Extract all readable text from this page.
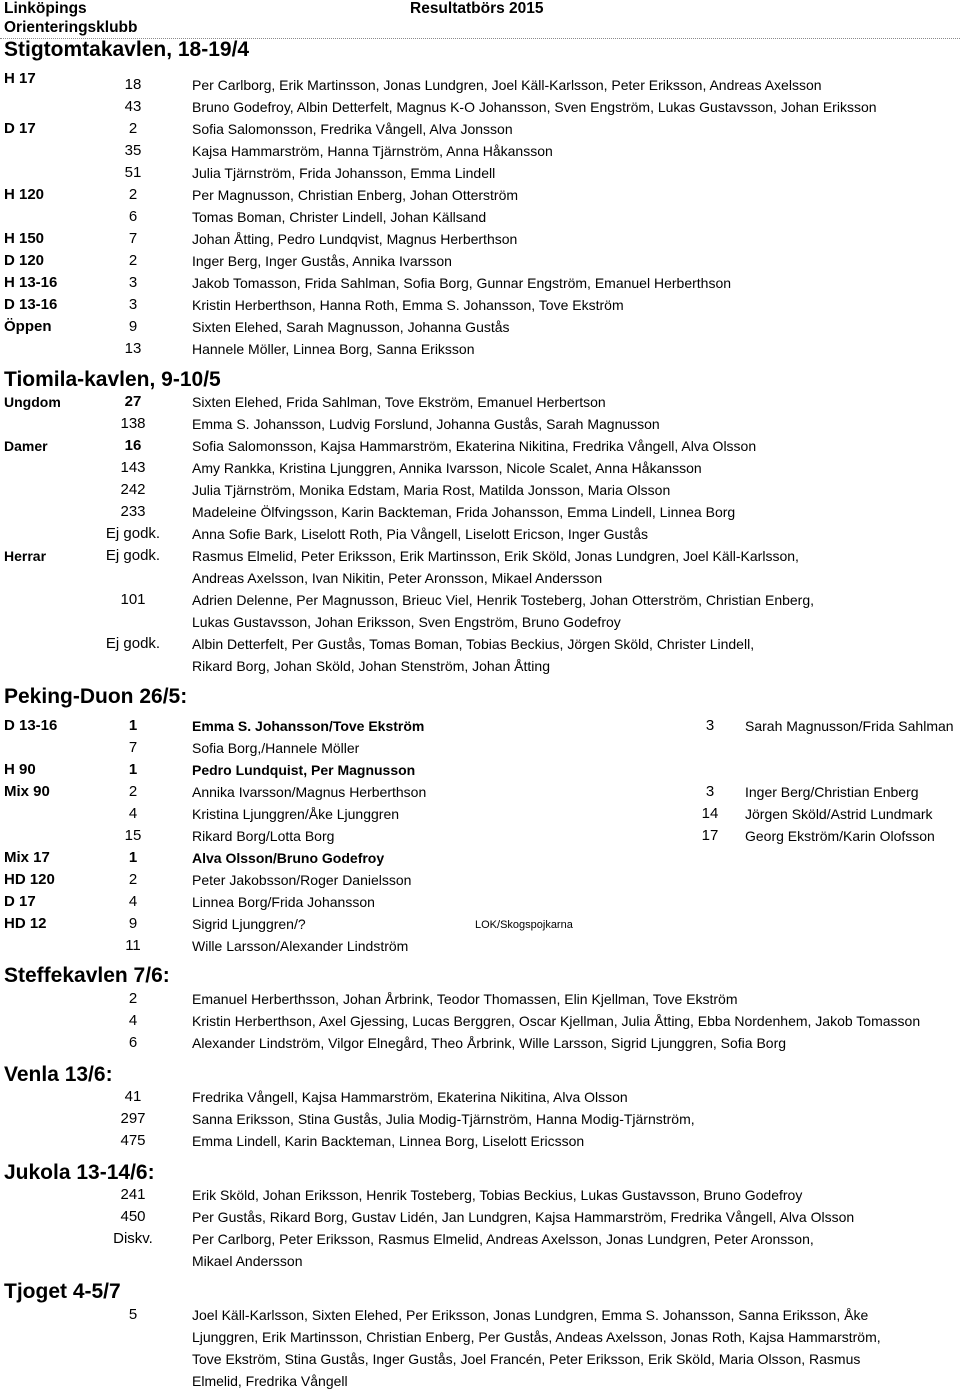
Linköpings
Orienteringsklubb
Resultatbörs 2015
Stigtomtakavlen, 18-19/4
H 17	18	Per Carlborg, Erik Martinsson, Jonas Lundgren, Joel Käll-Karlsson, Peter Eriksson, Andreas Axelsson
43	Bruno Godefroy, Albin Detterfelt, Magnus K-O Johansson, Sven Engström, Lukas Gustavsson, Johan Eriksson
D 17	2	Sofia Salomonsson, Fredrika Vångell, Alva Jonsson
35	Kajsa Hammarström, Hanna Tjärnström, Anna Håkansson
51	Julia Tjärnström, Frida Johansson, Emma Lindell
H 120	2	Per Magnusson, Christian Enberg, Johan Otterström
6	Tomas Boman, Christer Lindell, Johan Källsand
H 150	7	Johan Åtting, Pedro Lundqvist, Magnus Herberthson
D 120	2	Inger Berg, Inger Gustås, Annika Ivarsson
H 13-16	3	Jakob Tomasson, Frida Sahlman, Sofia Borg, Gunnar Engström, Emanuel Herberthson
D 13-16	3	Kristin Herberthson, Hanna Roth, Emma S. Johansson, Tove Ekström
Öppen	9	Sixten Elehed, Sarah Magnusson, Johanna Gustås
13	Hannele Möller, Linnea Borg, Sanna Eriksson
Tiomila-kavlen, 9-10/5
Ungdom	27	Sixten Elehed, Frida Sahlman, Tove Ekström, Emanuel Herbertson
138	Emma S. Johansson, Ludvig Forslund, Johanna Gustås, Sarah Magnusson
Damer	16	Sofia Salomonsson, Kajsa Hammarström, Ekaterina Nikitina, Fredrika Vångell, Alva Olsson
143	Amy Rankka, Kristina Ljunggren, Annika Ivarsson, Nicole Scalet, Anna Håkansson
242	Julia Tjärnström, Monika Edstam, Maria Rost, Matilda Jonsson, Maria Olsson
233	Madeleine Ölfvingsson, Karin Backteman, Frida Johansson, Emma Lindell, Linnea Borg
Ej godk. Anna Sofie Bark, Liselott Roth, Pia Vångell, Liselott Ericson, Inger Gustås
Herrar	Ej godk. Rasmus Elmelid, Peter Eriksson, Erik Martinsson, Erik Sköld, Jonas Lundgren, Joel Käll-Karlsson,
Andreas Axelsson, Ivan Nikitin, Peter Aronsson, Mikael Andersson
101	Adrien Delenne, Per Magnusson, Brieuc Viel, Henrik Tosteberg, Johan Otterström, Christian Enberg,
Lukas Gustavsson, Johan Eriksson, Sven Engström, Bruno Godefroy
Ej godk. Albin Detterfelt, Per Gustås, Tomas Boman, Tobias Beckius, Jörgen Sköld, Christer Lindell,
Rikard Borg, Johan Sköld, Johan Stenström, Johan Åtting
Peking-Duon 26/5:
D 13-16	1	Emma S. Johansson/Tove Ekström	3	Sarah Magnusson/Frida Sahlman
7	Sofia Borg,/Hannele Möller
H 90	1	Pedro Lundquist, Per Magnusson
Mix 90	2	Annika Ivarsson/Magnus Herberthson	3	Inger Berg/Christian Enberg
4	Kristina Ljunggren/Åke Ljunggren	14	Jörgen Sköld/Astrid Lundmark
15	Rikard Borg/Lotta Borg	17	Georg Ekström/Karin Olofsson
Mix 17	1	Alva Olsson/Bruno Godefroy
HD 120	2	Peter Jakobsson/Roger Danielsson
D 17	4	Linnea Borg/Frida Johansson
HD 12	9	Sigrid Ljunggren/?	LOK/Skogspojkarna
11	Wille Larsson/Alexander Lindström
Steffekavlen 7/6:
2	Emanuel Herberthsson, Johan Årbrink, Teodor Thomassen, Elin Kjellman, Tove Ekström
4	Kristin Herberthson, Axel Gjessing, Lucas Berggren, Oscar Kjellman, Julia Åtting, Ebba Nordenhem, Jakob Tomasson
6	Alexander Lindström, Vilgor Elnegård, Theo Årbrink, Wille Larsson, Sigrid Ljunggren, Sofia Borg
Venla 13/6:
41	Fredrika Vångell, Kajsa Hammarström, Ekaterina Nikitina, Alva Olsson
297	Sanna Eriksson, Stina Gustås, Julia Modig-Tjärnström, Hanna Modig-Tjärnström,
475	Emma Lindell, Karin Backteman, Linnea Borg, Liselott Ericsson
Jukola 13-14/6:
241	Erik Sköld, Johan Eriksson, Henrik Tosteberg, Tobias Beckius, Lukas Gustavsson, Bruno Godefroy
450	Per Gustås, Rikard Borg, Gustav Lidén, Jan Lundgren, Kajsa Hammarström, Fredrika Vångell, Alva Olsson
Diskv.	Per Carlborg, Peter Eriksson, Rasmus Elmelid, Andreas Axelsson, Jonas Lundgren, Peter Aronsson,
Mikael Andersson
Tjoget 4-5/7
5	Joel Käll-Karlsson, Sixten Elehed, Per Eriksson, Jonas Lundgren, Emma S. Johansson, Sanna Eriksson, Åke
Ljunggren, Erik Martinsson, Christian Enberg, Per Gustås, Andeas Axelsson, Jonas Roth, Kajsa Hammarström,
Tove Ekström, Stina Gustås, Inger Gustås, Joel Francén, Peter Eriksson, Erik Sköld, Maria Olsson, Rasmus
Elmelid, Fredrika Vångell
